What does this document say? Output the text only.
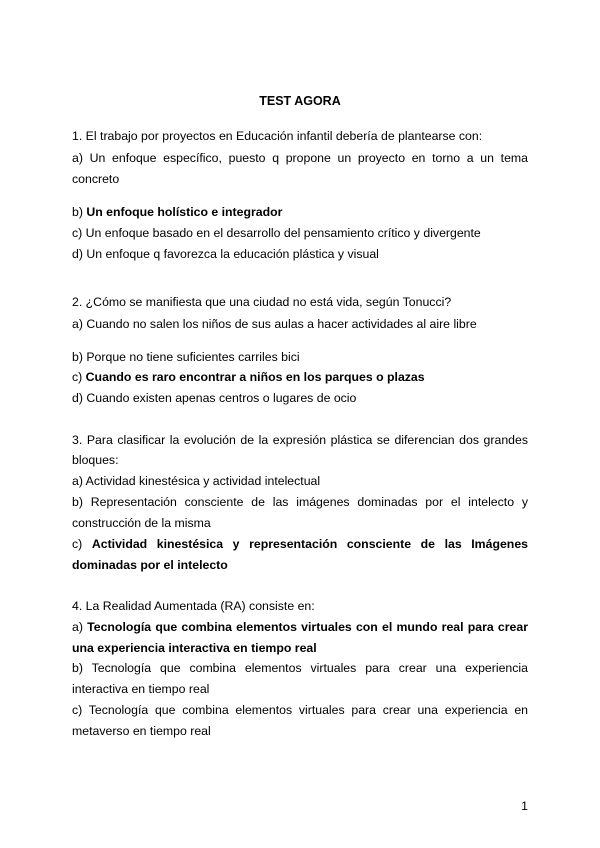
TEST AGORA
1. El trabajo por proyectos en Educación infantil debería de plantearse con:
a) Un enfoque específico, puesto q propone un proyecto en torno a un tema
concreto
b) Un enfoque holístico e integrador
c) Un enfoque basado en el desarrollo del pensamiento crítico y divergente
d) Un enfoque q favorezca la educación plástica y visual
2. ¿Cómo se manifiesta que una ciudad no está vida, según Tonucci?
a) Cuando no salen los niños de sus aulas a hacer actividades al aire libre
b) Porque no tiene suficientes carriles bici
c) Cuando es raro encontrar a niños en los parques o plazas
d) Cuando existen apenas centros o lugares de ocio
3. Para clasificar la evolución de la expresión plástica se diferencian dos grandes
bloques:
a) Actividad kinestésica y actividad intelectual
b) Representación consciente de las imágenes dominadas por el intelecto y
construcción de la misma
c) Actividad kinestésica y representación consciente de las Imágenes
dominadas por el intelecto
4. La Realidad Aumentada (RA) consiste en:
a) Tecnología que combina elementos virtuales con el mundo real para crear
una experiencia interactiva en tiempo real
b) Tecnología que combina elementos virtuales para crear una experiencia
interactiva en tiempo real
c) Tecnología que combina elementos virtuales para crear una experiencia en
metaverso en tiempo real
1
